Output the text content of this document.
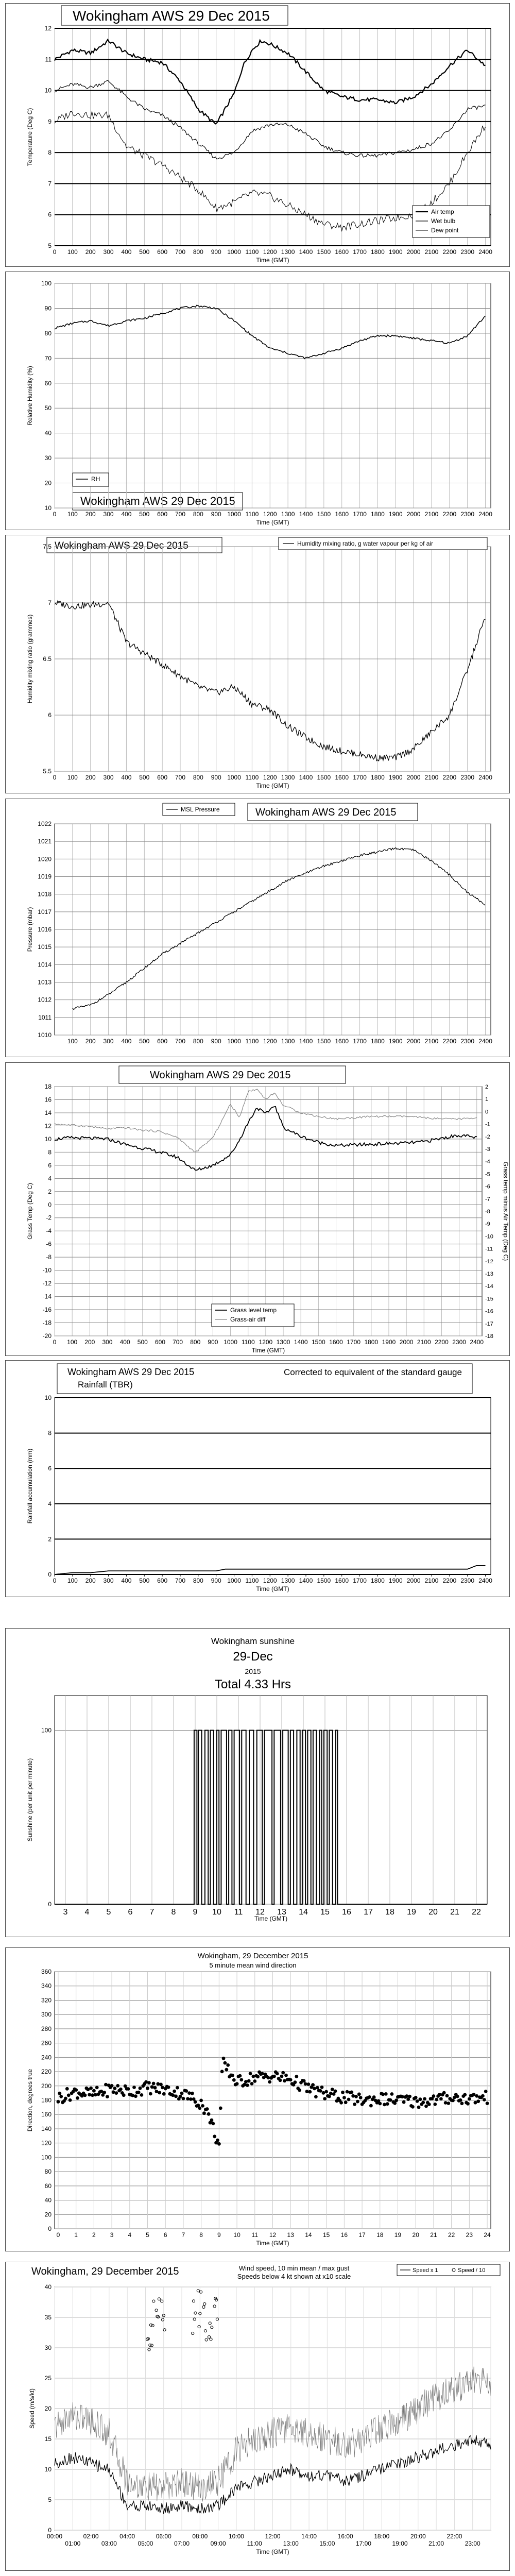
Wokingham AWS 29 Dec 2015
0 100 200 300 400 500 600 700 800 900 1000 1100 1200 1300 1400 1500 1600 1700 1800 1900 2000 2100 2200 2300 2400
5
6
7
8
9
10
11
12
Time (GMT)
Temperature (Deg C)
Air temp
Wet bulb
Dew point
Wokingham AWS 29 Dec 2015
0 100 200 300 400 500 600 700 800 900 1000 1100 1200 1300 1400 1500 1600 1700 1800 1900 2000 2100 2200 2300 2400
10
20
30
40
50
60
70
80
90
100
Time (GMT)
Relative Humidity (%)
RH
Wokingham AWS 29 Dec 2015
0 100 200 300 400 500 600 700 800 900 1000 1100 1200 1300 1400 1500 1600 1700 1800 1900 2000 2100 2200 2300 2400
5.5
6
6.5
7
7.5
Time (GMT)
Humidity mixing ratio (grammes)
Humidity mixing ratio, g water vapour per kg of air
Wokingham AWS 29 Dec 2015
100 200 300 400 500 600 700 800 900 1000 1100 1200 1300 1400 1500 1600 1700 1800 1900 2000 2100 2200 2300 2400
1010
1011
1012
1013
1014
1015
1016
1017
1018
1019
1020
1021
1022
Pressure (mbar)
MSL Pressure
Wokingham AWS 29 Dec 2015
0 100 200 300 400 500 600 700 800 900 1000 1100 1200 1300 1400 1500 1600 1700 1800 1900 2000 2100 2200 2300 2400
-20
-18
-16
-14
-12
-10
-8
-6
-4
-2
0
2
4
6
8
10
12
14
16
18
Time (GMT)
Grass Temp (Deg C)
-18
-17
-16
-15
-14
-13
-12
-11
-10
-9
-8
-7
-6
-5
-4
-3
-2
-1
0
1
2
Grass temp minus Air Temp (Deg C)
Grass level temp
Grass-air diff
Wokingham AWS 29 Dec 2015
Rainfall (TBR)
Corrected to equivalent of the standard gauge
0
2
4
6
8
10
Time (GMT)
Rainfall accumulation (mm)
0 100 200 300 400 500 600 700 800 900 1000 1100 1200 1300 1400 1500 1600 1700 1800 1900 2000 2100 2200 2300 2400
Wokingham sunshine
29-Dec
2015
Total 4.33 Hrs
0
100
Time (GMT)
Sunshine (per unit per minute)
3 4 5 6 7 8 9 10 11 12 13 14 15 16 17 18 19 20 21 22
Wokingham, 29 December 2015
5 minute mean wind direction
0
20
40
60
80
100
120
140
160
180
200
220
240
260
280
300
320
340
360
Time (GMT)
Direction, degrees true
0 1 2 3 4 5 6 7 8 9 10 11 12 13 14 15 16 17 18 19 20 21 22 23 24
Wokingham, 29 December 2015	Wind speed, 10 min mean / max gust
Speeds below 4 kt shown at x10 scale
0
5
10
15
20
25
30
35
40
00:00	02:00	04:00	06:00	08:00	10:00	12:00	14:00	16:00	18:00	20:00	22:00
01:00	03:00	05:00	07:00	09:00	11:00	13:00	15:00	17:00	19:00	21:00	23:00
Time (GMT)
Speed (m/s/kt)
Speed x 1	Speed / 10
